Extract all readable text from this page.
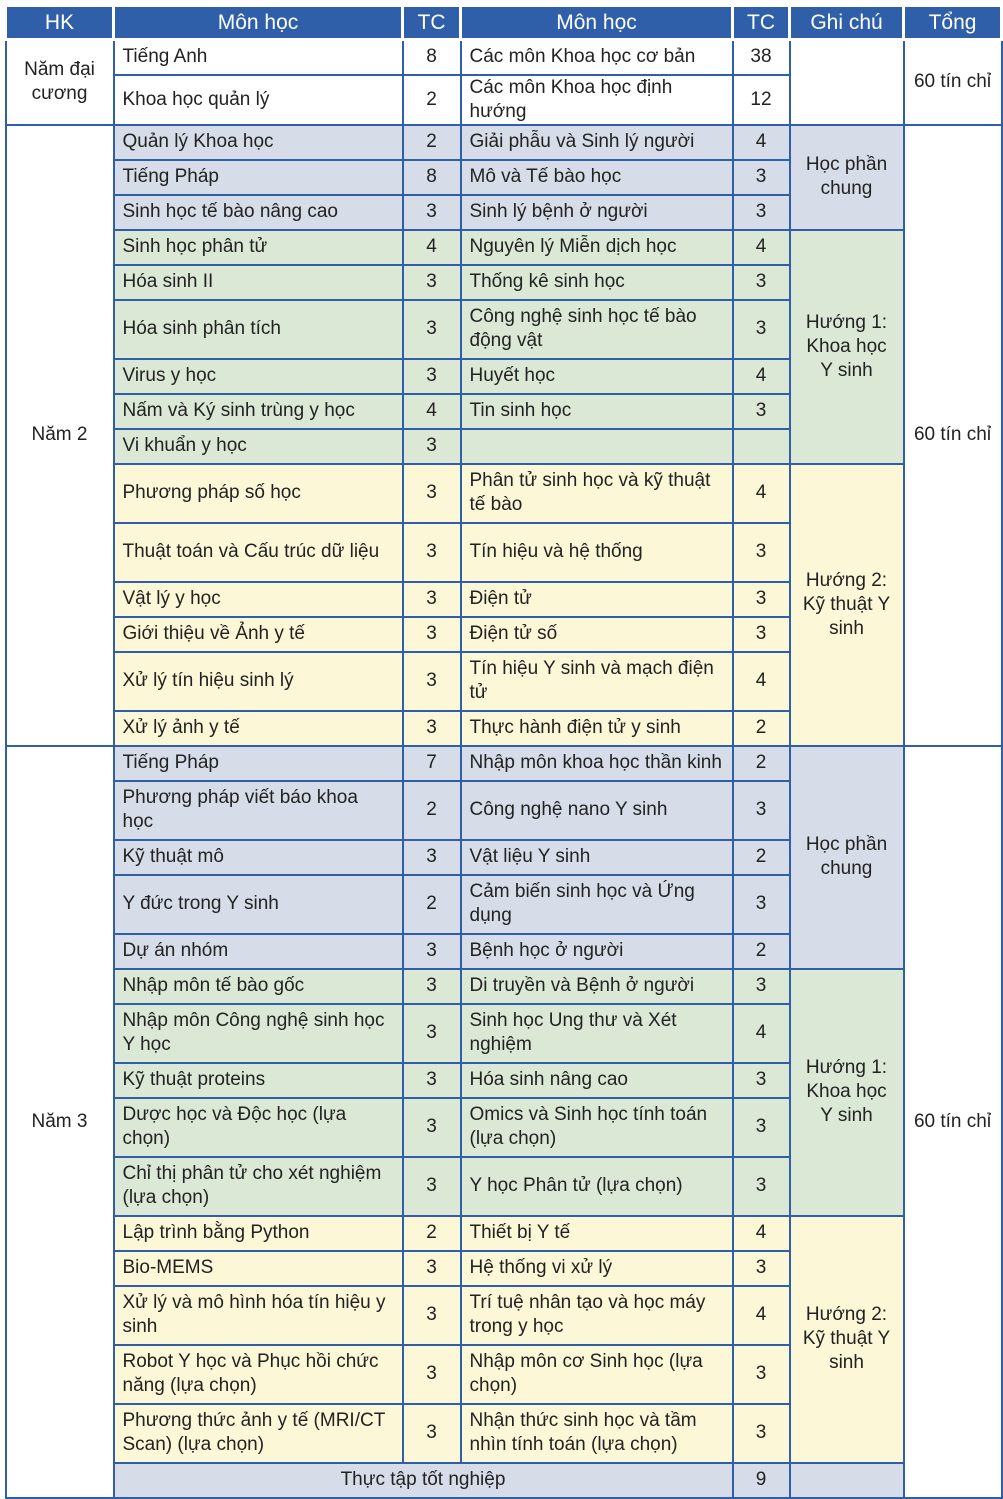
HK	Môn học	TC	Môn học	TC	Ghi chú	Tổng
Năm đại cương	Tiếng Anh	8	Các môn Khoa học cơ bản	38		60 tín chỉ
	Khoa học quản lý	2	Các môn Khoa học định hướng	12		
Năm 2	Quản lý Khoa học	2	Giải phẫu và Sinh lý người	4	Học phần chung	60 tín chỉ
	Tiếng Pháp	8	Mô và Tế bào học	3		
	Sinh học tế bào nâng cao	3	Sinh lý bệnh ở người	3		
	Sinh học phân tử	4	Nguyên lý Miễn dịch học	4	Hướng 1: Khoa học Y sinh	
	Hóa sinh II	3	Thống kê sinh học	3		
	Hóa sinh phân tích	3	Công nghệ sinh học tế bào động vật	3		
	Virus y học	3	Huyết học	4		
	Nấm và Ký sinh trùng y học	4	Tin sinh học	3		
	Vi khuẩn y học	3				
	Phương pháp số học	3	Phân tử sinh học và kỹ thuật tế bào	4	Hướng 2: Kỹ thuật Y sinh	
	Thuật toán và Cấu trúc dữ liệu	3	Tín hiệu và hệ thống	3		
	Vật lý y học	3	Điện tử	3		
	Giới thiệu về Ảnh y tế	3	Điện tử số	3		
	Xử lý tín hiệu sinh lý	3	Tín hiệu Y sinh và mạch điện tử	4		
	Xử lý ảnh y tế	3	Thực hành điện tử y sinh	2		
Năm 3	Tiếng Pháp	7	Nhập môn khoa học thần kinh	2	Học phần chung	60 tín chỉ
	Phương pháp viết báo khoa học	2	Công nghệ nano Y sinh	3		
	Kỹ thuật mô	3	Vật liệu Y sinh	2		
	Y đức trong Y sinh	2	Cảm biến sinh học và Ứng dụng	3		
	Dự án nhóm	3	Bệnh học ở người	2		
	Nhập môn tế bào gốc	3	Di truyền và Bệnh ở người	3	Hướng 1: Khoa học Y sinh	
	Nhập môn Công nghệ sinh học Y học	3	Sinh học Ung thư và Xét nghiệm	4		
	Kỹ thuật proteins	3	Hóa sinh nâng cao	3		
	Dược học và Độc học (lựa chọn)	3	Omics và Sinh học tính toán (lựa chọn)	3		
	Chỉ thị phân tử cho xét nghiệm (lựa chọn)	3	Y học Phân tử (lựa chọn)	3		
	Lập trình bằng Python	2	Thiết bị Y tế	4	Hướng 2: Kỹ thuật Y sinh	
	Bio-MEMS	3	Hệ thống vi xử lý	3		
	Xử lý và mô hình hóa tín hiệu y sinh	3	Trí tuệ nhân tạo và học máy trong y học	4		
	Robot Y học và Phục hồi chức năng (lựa chọn)	3	Nhập môn cơ Sinh học (lựa chọn)	3		
	Phương thức ảnh y tế (MRI/CT Scan) (lựa chọn)	3	Nhận thức sinh học và tầm nhìn tính toán (lựa chọn)	3		
	Thực tập tốt nghiệp			9		
